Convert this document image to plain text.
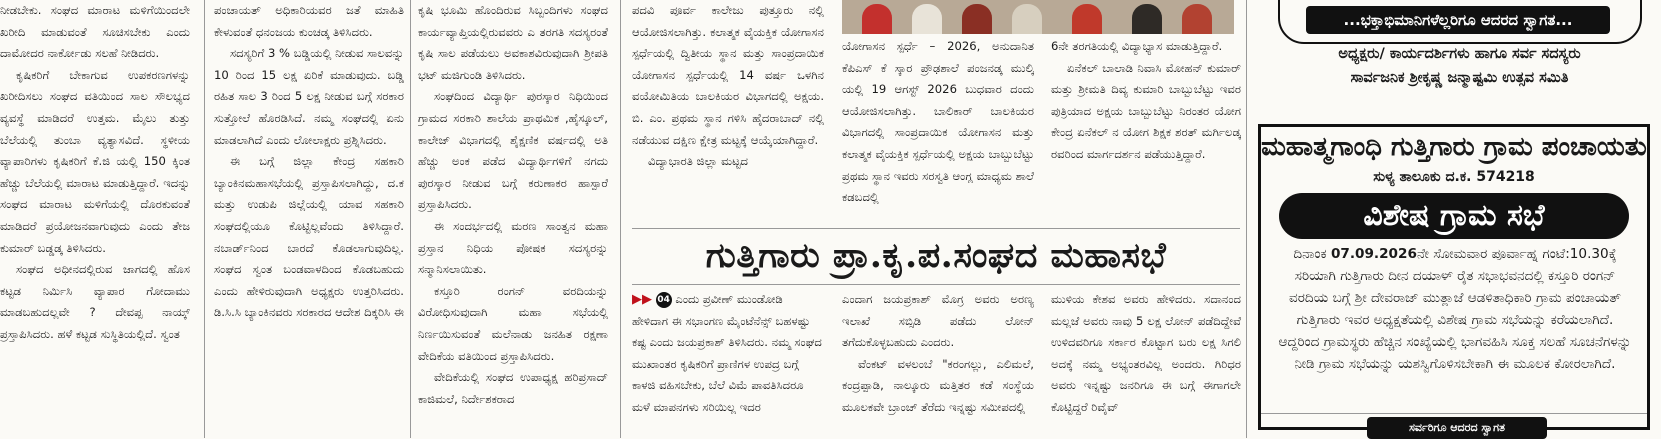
ನೀಡಬೇಕು. ಸಂಘದ ಮಾರಾಟ ಮಳಿಗೆಯಿಂದಲೇ ಖರೀದಿ ಮಾಡುವಂತೆ ಸೂಚಿಸಬೇಕು ಎಂದು ದಾಮೋದರ ನಾರ್ಕೋಡು ಸಲಹೆ ನೀಡಿದರು.

ಕೃಷಿಕರಿಗೆ ಬೇಕಾಗುವ ಉಪಕರಣಗಳನ್ನು ಖರೀದಿಸಲು ಸಂಘದ ವತಿಯಿಂದ ಸಾಲ ಸೌಲಭ್ಯದ ವ್ಯವಸ್ಥೆ ಮಾಡಿದರೆ ಉತ್ತಮ. ಮೈಲು ತುತ್ತು ಬೆಲೆಯಲ್ಲಿ ತುಂಬಾ ವ್ಯತ್ಯಾಸವಿದೆ. ಸ್ಥಳೀಯ ವ್ಯಾಪಾರಿಗಳು ಕೃಷಿಕರಿಗೆ ಕೆ.ಜಿ ಯಲ್ಲಿ 150 ಕ್ಕಿಂತ ಹೆಚ್ಚು ಬೆಲೆಯಲ್ಲಿ ಮಾರಾಟ ಮಾಡುತ್ತಿದ್ದಾರೆ. ಇದನ್ನು ಸಂಘದ ಮಾರಾಟ ಮಳಿಗೆಯಲ್ಲಿ ದೊರಕುವಂತೆ ಮಾಡಿದರೆ ಪ್ರಯೋಜನವಾಗುವುದು ಎಂದು ತೇಜ ಕುಮಾರ್ ಬಡ್ಡಡ್ಕ ತಿಳಿಸಿದರು.

ಸಂಘದ ಅಧೀನದಲ್ಲಿರುವ ಜಾಗದಲ್ಲಿ ಹೊಸ ಕಟ್ಟಡ ನಿರ್ಮಿಸಿ ವ್ಯಾಪಾರ ಗೋದಾಮು ಮಾಡಬಹುದಲ್ಲವೇ ? ದೇವಪ್ಪ ನಾಯ್ಕ್ ಪ್ರಸ್ತಾಪಿಸಿದರು. ಹಳೆ ಕಟ್ಟಡ ಸುಸ್ಥಿತಿಯಲ್ಲಿದೆ. ಸ್ವಂತ

ಪಂಚಾಯತ್ ಅಧಿಕಾರಿಯವರ ಜತೆ ಮಾಹಿತಿ ಕೇಳುವಂತೆ ಧನಂಜಯ ಕುಂಚಡ್ಕ ತಿಳಿಸಿದರು.

ಸದಸ್ಯರಿಗೆ 3 % ಬಡ್ಡಿಯಲ್ಲಿ ನೀಡುವ ಸಾಲವನ್ನು 10 ರಿಂದ 15 ಲಕ್ಷ ಏರಿಕೆ ಮಾಡುವುದು. ಬಡ್ಡಿ ರಹಿತ ಸಾಲ 3 ರಿಂದ 5 ಲಕ್ಷ ನೀಡುವ ಬಗ್ಗೆ ಸರಕಾರ ಸುತ್ತೋಲೆ ಹೊರಡಿಸಿದೆ. ನಮ್ಮ ಸಂಘದಲ್ಲಿ ಏನು ಮಾಡಲಾಗಿದೆ ಎಂದು ಲೋಲಾಕ್ಷರು ಪ್ರಶ್ನಿಸಿದರು.

ಈ ಬಗ್ಗೆ ಜಿಲ್ಲಾ ಕೇಂದ್ರ ಸಹಕಾರಿ ಬ್ಯಾಂಕಿನಮಹಾಸಭೆಯಲ್ಲಿ ಪ್ರಸ್ತಾಪಿಸಲಾಗಿದ್ದು, ದ.ಕ ಮತ್ತು ಉಡುಪಿ ಜಿಲ್ಲೆಯಲ್ಲಿ ಯಾವ ಸಹಕಾರಿ ಸಂಘದಲ್ಲಿಯೂ ಕೊಟ್ಟಿಲ್ಲವೆಂದು ತಿಳಿಸಿದ್ದಾರೆ. ನಬಾರ್ಡ್‌ನಿಂದ ಬಾರದೆ ಕೊಡಲಾಗುವುದಿಲ್ಲ. ಸಂಘದ ಸ್ವಂತ ಬಂಡವಾಳದಿಂದ ಕೊಡಬಹುದು ಎಂದು ಹೇಳಿರುವುದಾಗಿ ಅಧ್ಯಕ್ಷರು ಉತ್ತರಿಸಿದರು. ಡಿ.ಸಿ.ಸಿ ಬ್ಯಾಂಕಿನವರು ಸರಕಾರದ ಆದೇಶ ದಿಕ್ಕರಿಸಿ ಈ

ಕೃಷಿ ಭೂಮಿ ಹೊಂದಿರುವ ಸಿಬ್ಬಂದಿಗಳು ಸಂಘದ ಕಾರ್ಯವ್ಯಾಪ್ತಿಯಲ್ಲಿರುವವರು ಎ ತರಗತಿ ಸದಸ್ಯರಂತೆ ಕೃಷಿ ಸಾಲ ಪಡೆಯಲು ಅವಕಾಶವಿರುವುದಾಗಿ ಶ್ರೀಪತಿ ಭಟ್ ಮಜಿಗುಂಡಿ ತಿಳಿಸಿದರು.

ಸಂಘದಿಂದ ವಿದ್ಯಾರ್ಥಿ ಪುರಸ್ಕಾರ ನಿಧಿಯಿಂದ ಗ್ರಾಮದ ಸರಕಾರಿ ಶಾಲೆಯ ಪ್ರಾಥಮಿಕ ,ಹೈಸ್ಕೂಲ್, ಕಾಲೇಜ್ ವಿಭಾಗದಲ್ಲಿ ಶೈಕ್ಷಣಿಕ ವರ್ಷದಲ್ಲಿ ಅತಿ ಹೆಚ್ಚು ಅಂಕ ಪಡೆದ ವಿದ್ಯಾರ್ಥಿಗಳಿಗೆ ನಗದು ಪುರಸ್ಕಾರ ನೀಡುವ ಬಗ್ಗೆ ಕರುಣಾಕರ ಹಾಸ್ಪಾರೆ ಪ್ರಸ್ತಾಪಿಸಿದರು.

ಈ ಸಂದರ್ಭದಲ್ಲಿ ಮರಣ ಸಾಂತ್ವನ ಮಹಾ ಪ್ರಸ್ತಾನ ನಿಧಿಯ ಪೋಷಕ ಸದಸ್ಯರನ್ನು ಸನ್ಮಾನಿಸಲಾಯಿತು.

ಕಸ್ತೂರಿ ರಂಗನ್ ವರದಿಯನ್ನು ವಿರೋಧಿಸುವುದಾಗಿ ಮಹಾ ಸಭೆಯಲ್ಲಿ ನಿರ್ಣಯಿಸುವಂತೆ ಮಲೆನಾಡು ಜನಹಿತ ರಕ್ಷಣಾ ವೇದಿಕೆಯ ವತಿಯಿಂದ ಪ್ರಸ್ತಾಪಿಸಿದರು.

ವೇದಿಕೆಯಲ್ಲಿ ಸಂಘದ ಉಪಾಧ್ಯಕ್ಷ ಹರಿಪ್ರಸಾದ್ ಕಾಜಿಮಲೆ, ನಿರ್ದೇಶಕರಾದ

ಪದವಿ ಪೂರ್ವ ಕಾಲೇಜು ಪುತ್ತೂರು ನಲ್ಲಿ ಆಯೋಜಿಸಲಾಗಿತ್ತು. ಕಲಾತ್ಮಕ ವೈಯಕ್ತಿಕ ಯೋಗಾಸನ ಸ್ಪರ್ಧೆಯಲ್ಲಿ ದ್ವಿತೀಯ ಸ್ಥಾನ ಮತ್ತು ಸಾಂಪ್ರದಾಯಿಕ ಯೋಗಾಸನ ಸ್ಪರ್ಧೆಯಲ್ಲಿ 14 ವರ್ಷ ಒಳಗಿನ ವಯೋಮಿತಿಯ ಬಾಲಕಿಯರ ವಿಭಾಗದಲ್ಲಿ ಅಕ್ಷಯ. ಬಿ. ಎಂ. ಪ್ರಥಮ ಸ್ಥಾನ ಗಳಿಸಿ ಹೈದರಾಬಾದ್ ನಲ್ಲಿ ನಡೆಯುವ ದಕ್ಷಿಣ ಕ್ಷೇತ್ರ ಮಟ್ಟಕ್ಕೆ ಆಯ್ಕೆಯಾಗಿದ್ದಾರೆ.

ವಿದ್ಯಾಭಾರತಿ ಜಿಲ್ಲಾ ಮಟ್ಟದ

ಯೋಗಾಸನ ಸ್ಪರ್ಧೆ – 2026, ಅನುದಾನಿತ ಕೆಪಿಎಸ್ ಕೆ ಸ್ಕಾರ ಪ್ರೌಢಶಾಲೆ ಪಂಜನಡ್ಕ ಮುಲ್ಕಿ ಯಲ್ಲಿ 19 ಆಗಸ್ಟ್ 2026 ಬುಧವಾರ ದಂದು ಆಯೋಜಿಸಲಾಗಿತ್ತು. ಬಾಲಿಕಾರ್ ಬಾಲಕಿಯರ ವಿಭಾಗದಲ್ಲಿ ಸಾಂಪ್ರದಾಯಿಕ ಯೋಗಾಸನ ಮತ್ತು ಕಲಾತ್ಮಕ ವೈಯಕ್ತಿಕ ಸ್ಪರ್ಧೆಯಲ್ಲಿ ಅಕ್ಷಯ ಬಾಬ್ಬುಬೆಟ್ಟು ಪ್ರಥಮ ಸ್ಥಾನ ಇವರು ಸರಸ್ವತಿ ಆಂಗ್ಲ ಮಾಧ್ಯಮ ಶಾಲೆ ಕಡಬದಲ್ಲಿ

6ನೇ ತರಗತಿಯಲ್ಲಿ ವಿದ್ಯಾಭ್ಯಾಸ ಮಾಡುತ್ತಿದ್ದಾರೆ.

ಏನೆಕಲ್ ಬಾಲಾಡಿ ನಿವಾಸಿ ಮೋಹನ್ ಕುಮಾರ್ ಮತ್ತು ಶ್ರೀಮತಿ ದಿವ್ಯ ಕುಮಾರಿ ಬಾಬ್ಬುಬೆಟ್ಟು ಇವರ ಪುತ್ರಿಯಾದ ಅಕ್ಷಯ ಬಾಬ್ಬುಬೆಟ್ಟು ನಿರಂತರ ಯೋಗ ಕೇಂದ್ರ ಏನೆಕಲ್ ನ ಯೋಗ ಶಿಕ್ಷಕ ಶರತ್ ಮರ್ಗಿಲಡ್ಕ ರವರಿಂದ ಮಾರ್ಗದರ್ಶನ ಪಡೆಯುತ್ತಿದ್ದಾರೆ.

ಗುತ್ತಿಗಾರು ಪ್ರಾ.ಕೃ.ಪ.ಸಂಘದ ಮಹಾಸಭೆ
▶▶ 04 ಎಂದು ಪ್ರವೀಣ್ ಮುಂಡೋಡಿ ಹೇಳಿದಾಗ ಈ ಸಭಾಂಗಣ ಮೈಂಟೆನೆನ್ಸ್ ಬಹಳಷ್ಟು ಕಷ್ಟ ಎಂದು ಜಯಪ್ರಕಾಶ್ ತಿಳಿಸಿದರು. ನಮ್ಮ ಸಂಘದ ಮುಖಾಂತರ ಕೃಷಿಕರಿಗೆ ಪ್ರಾಣಿಗಳ ಉಪದ್ರ ಬಗ್ಗೆ ಕಾಳಜಿ ವಹಿಸಬೇಕು, ಬೆಲೆ ವಿಮೆ ಪಾವತಿಸಿದರೂ ಮಳೆ ಮಾಪನಗಳು ಸರಿಯಿಲ್ಲ ಇದರ

ಎಂದಾಗ ಜಯಪ್ರಕಾಶ್ ಮೊಗ್ರ ಅವರು ಅರಣ್ಯ ಇಲಾಖೆ ಸಬ್ಸಿಡಿ ಪಡೆದು ಲೋನ್ ತಗೆದುಕೊಳ್ಳಬಹುದು ಎಂದರು.

ವೆಂಕಟ್ ವಳಲಂಬೆ "ಕರಂಗಲ್ಲು, ಎಲಿಮಲೆ, ಕಂದ್ರಪ್ಪಾಡಿ, ನಾಲ್ಕೂರು ಮತ್ತಿತರ ಕಡೆ ಸಂಸ್ಥೆಯ ಮೂಲಕವೇ ಬ್ರಾಂಚ್ ತೆರೆದು ಇನ್ನಷ್ಟು ಸಮೀಪದಲ್ಲಿ

ಮುಳಿಯ ಕೇಶವ ಅವರು ಹೇಳಿದರು. ಸದಾನಂದ ಮಲ್ಲಜೆ ಅವರು ನಾವು 5 ಲಕ್ಷ ಲೋನ್ ಪಡೆದಿದ್ದೇವೆ ಉಳಿದವರಿಗೂ ಸರ್ಕಾರ ಕೊಟ್ಟಾಗ ಬರು ಲಕ್ಷ ಸಿಗಲಿ ಅದಕ್ಕೆ ನಮ್ಮ ಅಭ್ಯಂತರವಿಲ್ಲ ಅಂದರು. ಗಿರಿಧರ ಅವರು ಇನ್ನಷ್ಟು ಜನರಿಗೂ ಈ ಬಗ್ಗೆ ಈಗಾಗಲೇ ಕೊಟ್ಟಿದ್ದರೆ ರಿವೈವ್

...ಭಕ್ತಾಭಿಮಾನಿಗಳೆಲ್ಲರಿಗೂ ಆದರದ ಸ್ವಾಗತ...
ಅಧ್ಯಕ್ಷರು/ ಕಾರ್ಯದರ್ಶಿಗಳು ಹಾಗೂ ಸರ್ವ ಸದಸ್ಯರು
ಸಾರ್ವಜನಿಕ ಶ್ರೀಕೃಷ್ಣ ಜನ್ಮಾಷ್ಟಮಿ ಉತ್ಸವ ಸಮಿತಿ
ಮಹಾತ್ಮಗಾಂಧಿ ಗುತ್ತಿಗಾರು ಗ್ರಾಮ ಪಂಚಾಯತು
ಸುಳ್ಯ ತಾಲೂಕು ದ.ಕ. 574218
ವಿಶೇಷ ಗ್ರಾಮ ಸಭೆ
ದಿನಾಂಕ 07.09.2026ನೇ ಸೋಮವಾರ ಪೂರ್ವಾಹ್ನ ಗಂಟೆ:10.30ಕ್ಕೆ ಸರಿಯಾಗಿ ಗುತ್ತಿಗಾರು ದೀನ ದಯಾಳ್ ರೈತ ಸಭಾಭವನದಲ್ಲಿ ಕಸ್ತೂರಿ ರಂಗನ್ ವರದಿಯ ಬಗ್ಗೆ ಶ್ರೀ ದೇವರಾಜ್ ಮುತ್ಲಾಜೆ ಆಡಳಿತಾಧಿಕಾರಿ ಗ್ರಾಮ ಪಂಚಾಯತ್ ಗುತ್ತಿಗಾರು ಇವರ ಅಧ್ಯಕ್ಷತೆಯಲ್ಲಿ ವಿಶೇಷ ಗ್ರಾಮ ಸಭೆಯನ್ನು ಕರೆಯಲಾಗಿದೆ. ಆದ್ದರಿಂದ ಗ್ರಾಮಸ್ಥರು ಹೆಚ್ಚಿನ ಸಂಖ್ಯೆಯಲ್ಲಿ ಭಾಗವಹಿಸಿ ಸೂಕ್ತ ಸಲಹೆ ಸೂಚನೆಗಳನ್ನು ನೀಡಿ ಗ್ರಾಮ ಸಭೆಯನ್ನು ಯಶಸ್ವಿಗೊಳಿಸಬೇಕಾಗಿ ಈ ಮೂಲಕ ಕೋರಲಾಗಿದೆ.
ಸರ್ವರಿಗೂ ಆದರದ ಸ್ವಾಗತ
